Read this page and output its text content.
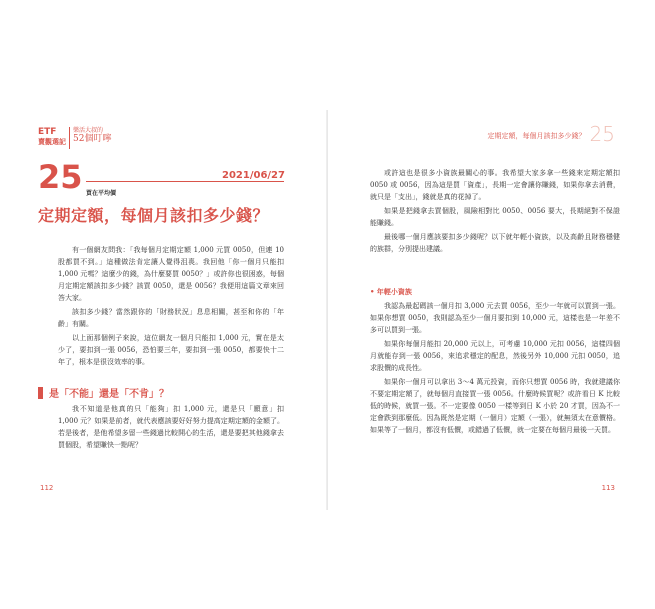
ETF
賣觀選記
樂活大叔的
52個叮嚀
25	2021/06/27
買在平均價
定期定額，每個月該扣多少錢？

有一個網友問我：「我每個月定期定額 1,000 元買 0050，但連 10 股都買不到。」這種做法肯定讓人覺得沮喪。我回他「你一個月只能扣 1,000 元嗎？這麼少的錢，為什麼要買 0050？」或許你也很困惑，每個月定期定額該扣多少錢？該買 0050，還是 0056？我便用這篇文章來回答大家。

該扣多少錢？當然跟你的「財務狀況」息息相關，甚至和你的「年齡」有關。

以上面那個例子來說，這位網友一個月只能扣 1,000 元，實在是太少了，要扣到一張 0056，恐怕要三年，要扣到一張 0050，都要快十二年了，根本是很沒效率的事。

是「不能」還是「不肯」？

我不知道是他真的只「能夠」扣 1,000 元，還是只「願意」扣 1,000 元？如果是前者，就代表應該要好好努力提高定期定額的金額了。若是後者，是他希望多留一些錢過比較開心的生活，還是要把其他錢拿去買個股，希望賺快一點呢？

112
定期定額，每個月該扣多少錢？ 25

或許這也是很多小資族最關心的事。我希望大家多拿一些錢來定期定額扣 0050 或 0056，因為這是買「資產」，長期一定會讓你賺錢，如果你拿去消費，就只是「支出」，錢就是真的花掉了。

如果是把錢拿去買個股，風險相對比 0050、0056 要大，長期絕對不保證能賺錢。

最後哪一個月應該要扣多少錢呢？以下就年輕小資族，以及高齡且財務穩健的族群，分別提出建議。

• 年輕小資族

我認為最起碼該一個月扣 3,000 元去買 0056，至少一年就可以買到一張。如果你想買 0050，我則認為至少一個月要扣到 10,000 元，這樣也是一年差不多可以買到一張。

如果你每個月能扣 20,000 元以上，可考慮 10,000 元扣 0056，這樣四個月就能存到一張 0056，來追求穩定的配息，然後另外 10,000 元扣 0050，追求股價的成長性。

如果你一個月可以拿出 3～4 萬元投資，而你只想買 0056 時，我就建議你不要定期定額了，就每個月直接買一張 0056。什麼時候買呢？或許看日 K 比較低的時候，就買一張。不一定要像 0050 一樣等到日 K 小於 20 才買，因為不一定會跌到那麼低。因為既然是定期（一個月）定額（一張），就無須太在意價格。如果等了一個月，都沒有低價，或錯過了低價，就一定要在每個月最後一天買。

113
